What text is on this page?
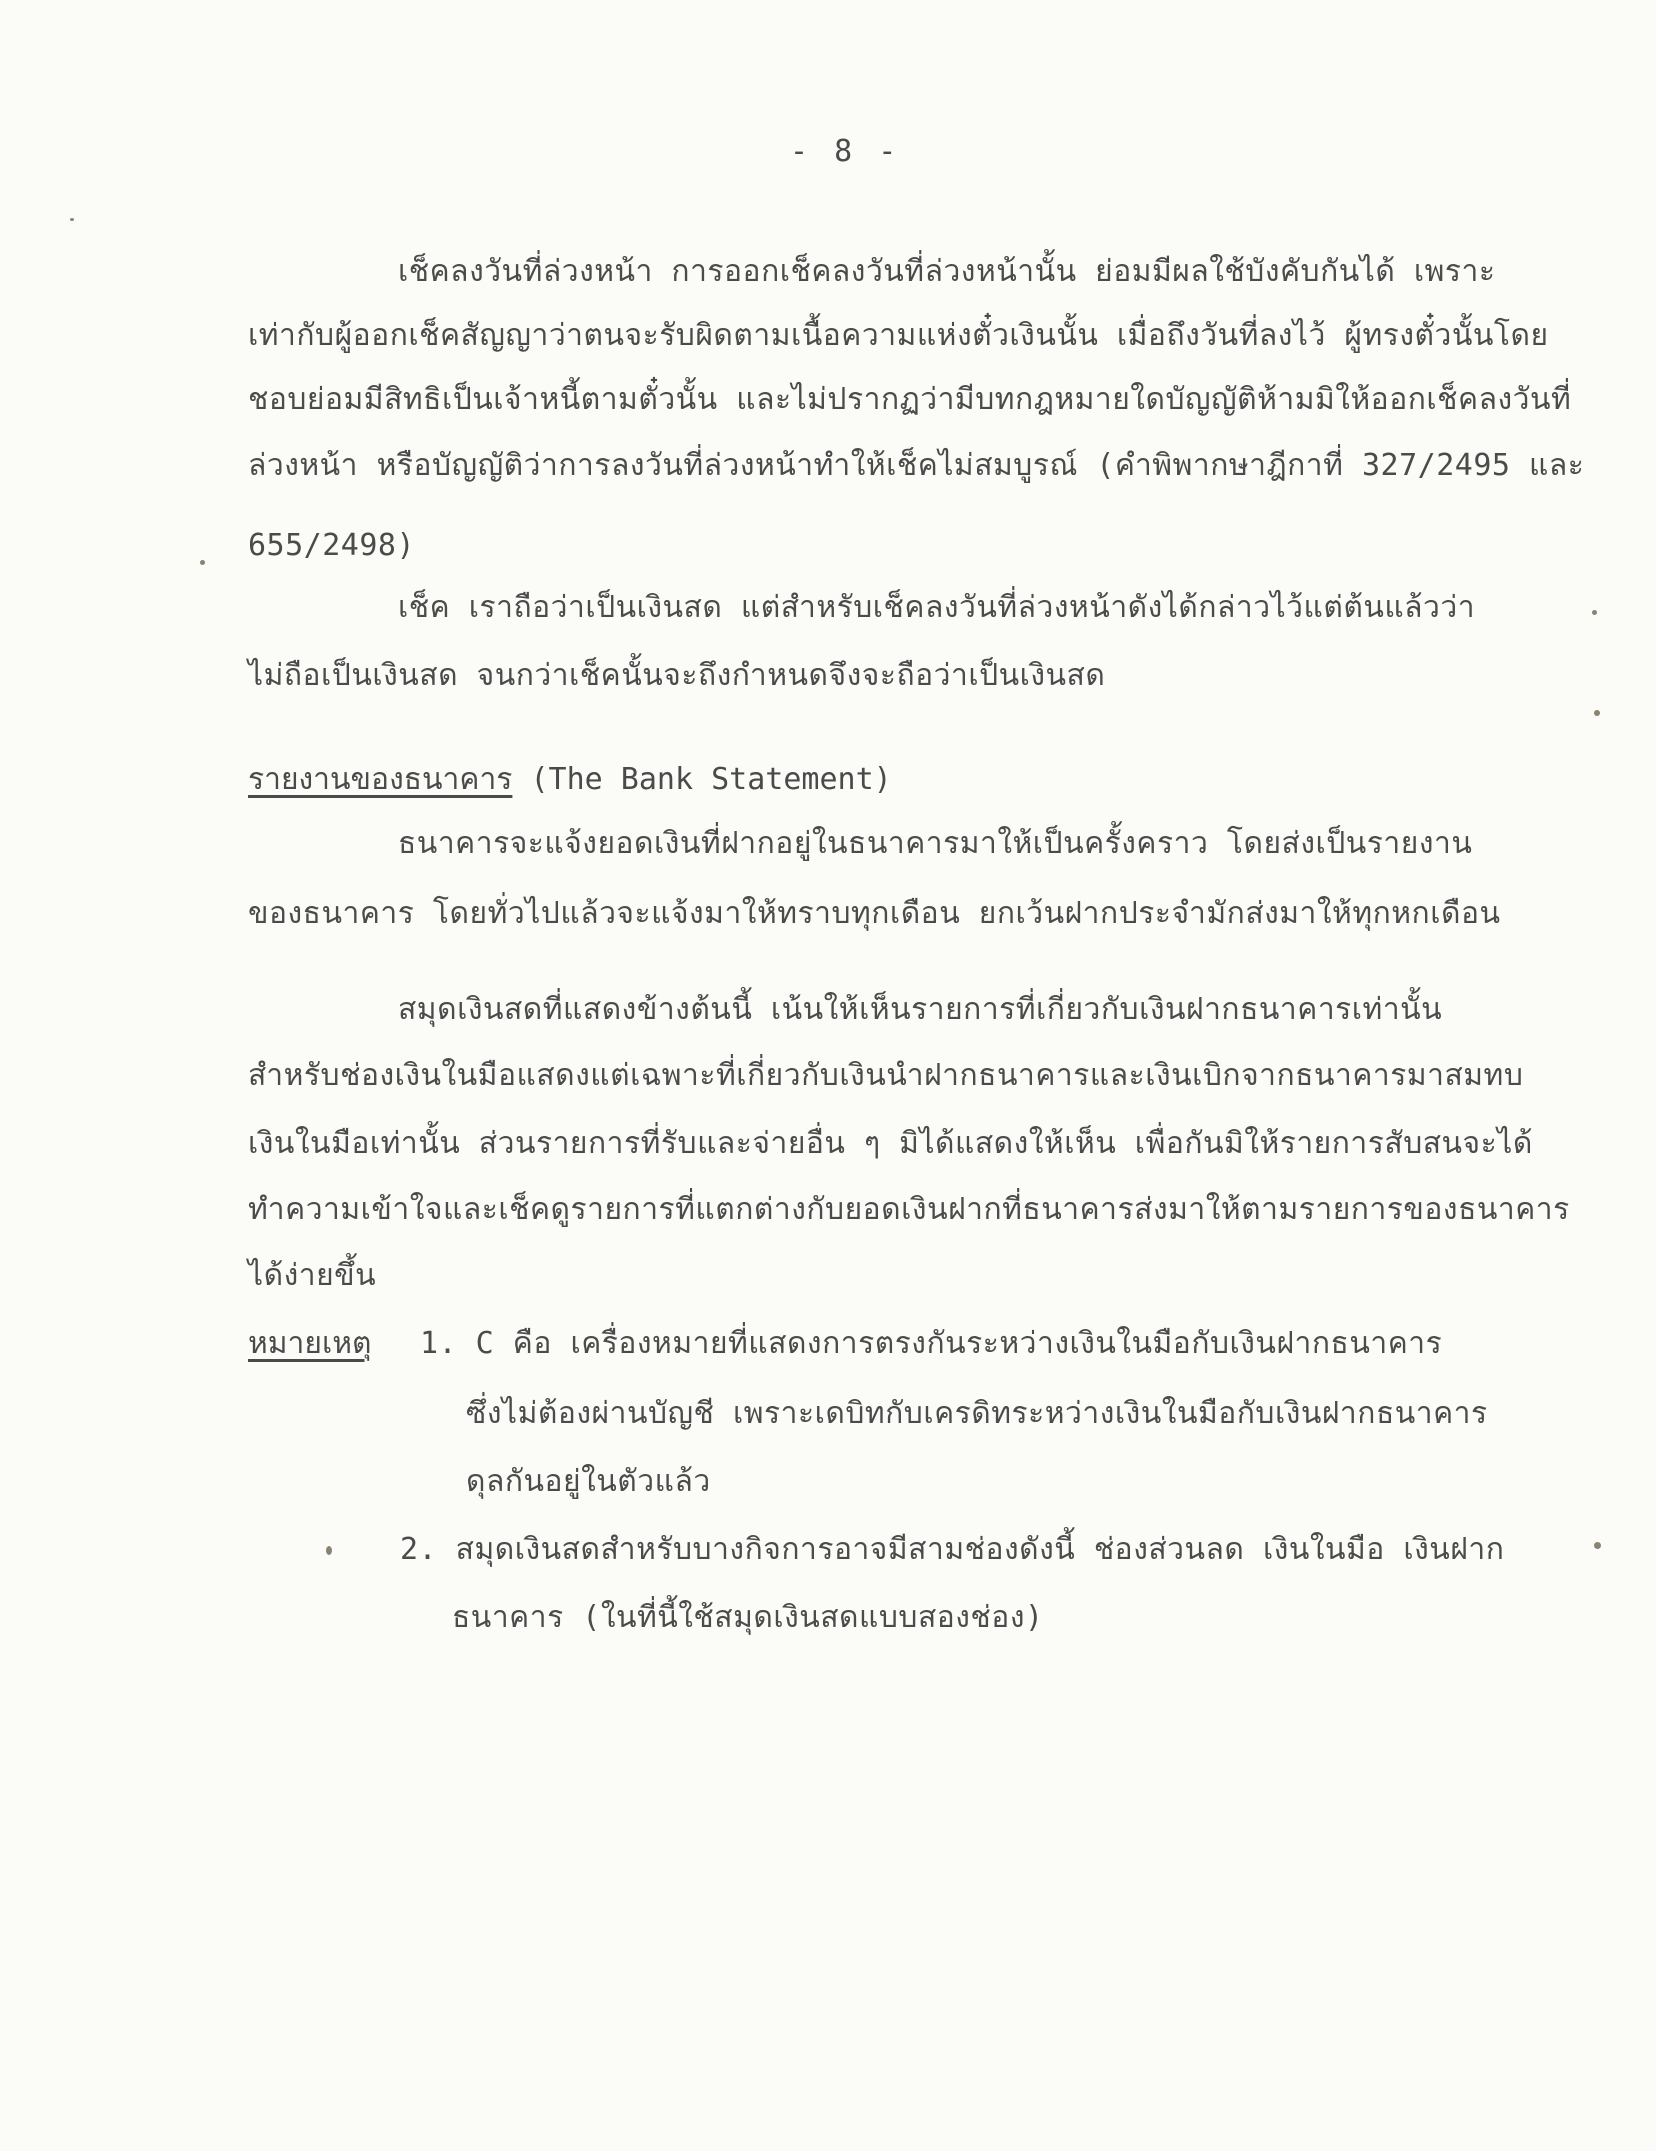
- 8 -
เช็คลงวันที่ล่วงหน้า การออกเช็คลงวันที่ล่วงหน้านั้น ย่อมมีผลใช้บังคับกันได้ เพราะ
เท่ากับผู้ออกเช็คสัญญาว่าตนจะรับผิดตามเนื้อความแห่งตั๋วเงินนั้น เมื่อถึงวันที่ลงไว้ ผู้ทรงตั๋วนั้นโดย
ชอบย่อมมีสิทธิเป็นเจ้าหนี้ตามตั๋วนั้น และไม่ปรากฏว่ามีบทกฎหมายใดบัญญัติห้ามมิให้ออกเช็คลงวันที่
ล่วงหน้า หรือบัญญัติว่าการลงวันที่ล่วงหน้าทำให้เช็คไม่สมบูรณ์ (คำพิพากษาฎีกาที่ 327/2495 และ
655/2498)
เช็ค เราถือว่าเป็นเงินสด แต่สำหรับเช็คลงวันที่ล่วงหน้าดังได้กล่าวไว้แต่ต้นแล้วว่า
ไม่ถือเป็นเงินสด จนกว่าเช็คนั้นจะถึงกำหนดจึงจะถือว่าเป็นเงินสด
รายงานของธนาคาร (The Bank Statement)
ธนาคารจะแจ้งยอดเงินที่ฝากอยู่ในธนาคารมาให้เป็นครั้งคราว โดยส่งเป็นรายงาน
ของธนาคาร โดยทั่วไปแล้วจะแจ้งมาให้ทราบทุกเดือน ยกเว้นฝากประจำมักส่งมาให้ทุกหกเดือน
สมุดเงินสดที่แสดงข้างต้นนี้ เน้นให้เห็นรายการที่เกี่ยวกับเงินฝากธนาคารเท่านั้น
สำหรับช่องเงินในมือแสดงแต่เฉพาะที่เกี่ยวกับเงินนำฝากธนาคารและเงินเบิกจากธนาคารมาสมทบ
เงินในมือเท่านั้น ส่วนรายการที่รับและจ่ายอื่น ๆ มิได้แสดงให้เห็น เพื่อกันมิให้รายการสับสนจะได้
ทำความเข้าใจและเช็คดูรายการที่แตกต่างกับยอดเงินฝากที่ธนาคารส่งมาให้ตามรายการของธนาคาร
ได้ง่ายขึ้น
หมายเหตุ 1. C คือ เครื่องหมายที่แสดงการตรงกันระหว่างเงินในมือกับเงินฝากธนาคาร
ซึ่งไม่ต้องผ่านบัญชี เพราะเดบิทกับเครดิทระหว่างเงินในมือกับเงินฝากธนาคาร
ดุลกันอยู่ในตัวแล้ว
2. สมุดเงินสดสำหรับบางกิจการอาจมีสามช่องดังนี้ ช่องส่วนลด เงินในมือ เงินฝาก
ธนาคาร (ในที่นี้ใช้สมุดเงินสดแบบสองช่อง)
